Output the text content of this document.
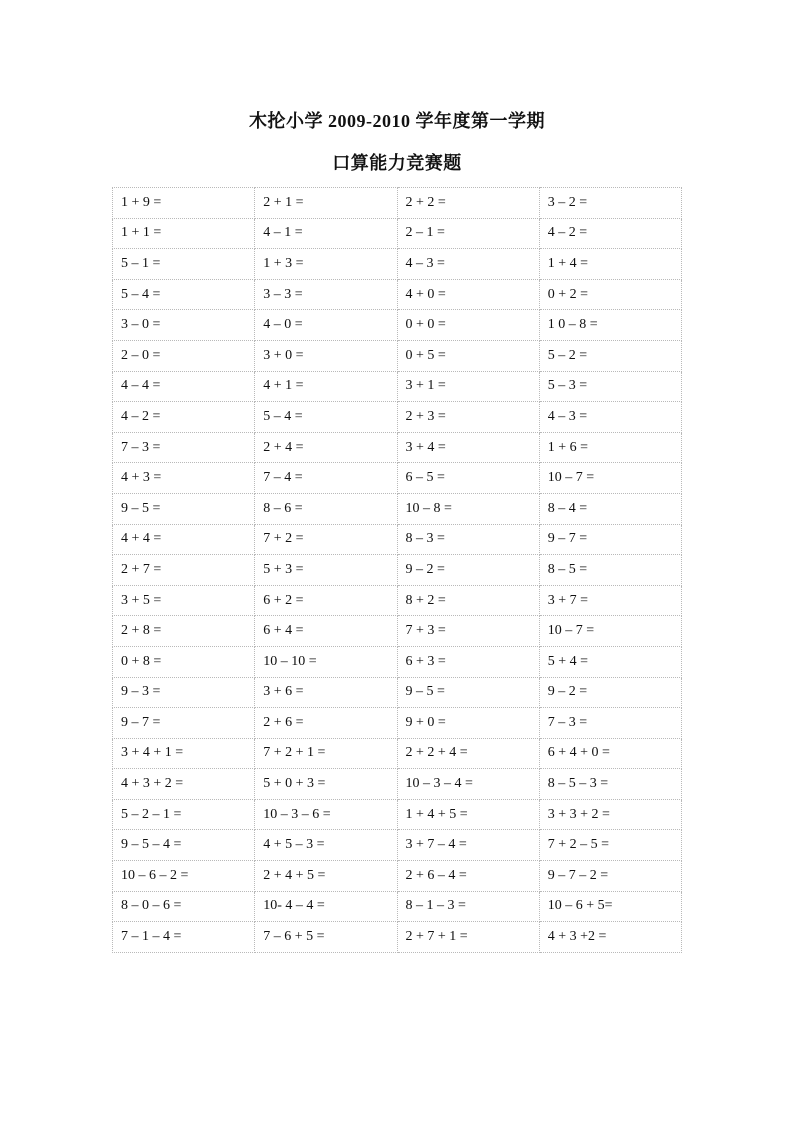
木抡小学 2009-2010 学年度第一学期
口算能力竞赛题
1 + 9 =	2 + 1 =	2 + 2 =	3 – 2 =
1 + 1 =	4 – 1 =	2 – 1 =	4 – 2 =
5 – 1 =	1 + 3 =	4 – 3 =	1 + 4 =
5 – 4 =	3 – 3 =	4 + 0 =	0 + 2 =
3 – 0 =	4 – 0 =	0 + 0 =	1 0 – 8 =
2 – 0 =	3 + 0 =	0 + 5 =	5 – 2 =
4 – 4 =	4 + 1 =	3 + 1 =	5 – 3 =
4 – 2 =	5 – 4 =	2 + 3 =	4 – 3 =
7 – 3 =	2 + 4 =	3 + 4 =	1 + 6 =
4 + 3 =	7 – 4 =	6 – 5 =	10 – 7 =
9 – 5 =	8 – 6 =	10 – 8 =	8 – 4 =
4 + 4 =	7 + 2 =	8 – 3 =	9 – 7 =
2 + 7 =	5 + 3 =	9 – 2 =	8 – 5 =
3 + 5 =	6 + 2 =	8 + 2 =	3 + 7 =
2 + 8 =	6 + 4 =	7 + 3 =	10 – 7 =
0 + 8 =	10 – 10 =	6 + 3 =	5 + 4 =
9 – 3 =	3 + 6 =	9 – 5 =	9 – 2 =
9 – 7 =	2 + 6 =	9 + 0 =	7 – 3 =
3 + 4 + 1 =	7 + 2 + 1 =	2 + 2 + 4 =	6 + 4 + 0 =
4 + 3 + 2 =	5 + 0 + 3 =	10 – 3 – 4 =	8 – 5 – 3 =
5 – 2 – 1 =	10 – 3 – 6 =	1 + 4 + 5 =	3 + 3 + 2 =
9 – 5 – 4 =	4 + 5 – 3 =	3 + 7 – 4 =	7 + 2 – 5 =
10 – 6 – 2 =	2 + 4 + 5 =	2 + 6 – 4 =	9 – 7 – 2 =
8 – 0 – 6 =	10- 4 – 4 =	8 – 1 – 3 =	10 – 6 + 5=
7 – 1 – 4 =	7 – 6 + 5 =	2 + 7 + 1 =	4 + 3 +2 =
